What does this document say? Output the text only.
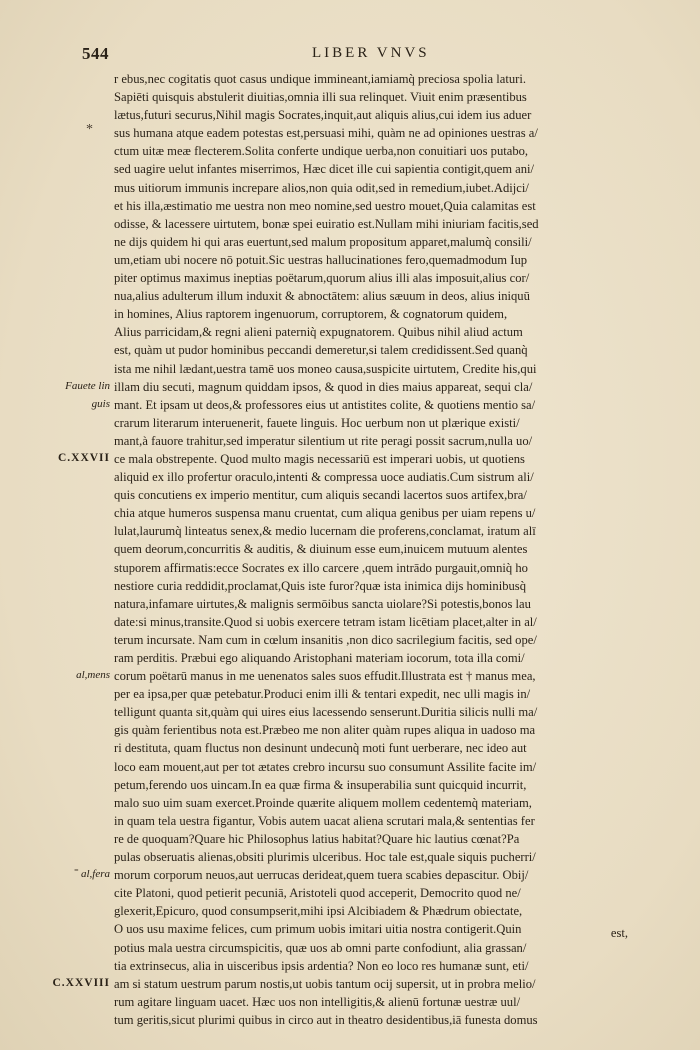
544	LIBER VNVS
Fauete lin
guis
C.XXVII
al,mens
al,fera
C.XXVIII
r ebus,nec cogitatis quot casus undique immineant,iamiamq̀ preciosa spolia laturi.
Sapiēti quisquis abstulerit diuitias,omnia illi sua relinquet. Viuit enim præsentibus
lætus,futuri securus,Nihil magis Socrates,inquit,aut aliquis alius,cui idem ius aduer
sus humana atque eadem potestas est,persuasi mihi, quàm ne ad opiniones uestras a/
ctum uitæ meæ flecterem.Solita conferte undique uerba,non conuitiari uos putabo,
sed uagire uelut infantes miserrimos, Hæc dicet ille cui sapientia contigit,quem ani/
mus uitiorum immunis increpare alios,non quia odit,sed in remedium,iubet.Adijci/
et his illa,æstimatio me uestra non meo nomine,sed uestro mouet,Quia calamitas est
odisse, & lacessere uirtutem, bonæ spei euiratio est.Nullam mihi iniuriam facitis,sed
ne dijs quidem hi qui aras euertunt,sed malum propositum apparet,malumq̀ consili/
um,etiam ubi nocere nō potuit.Sic uestras hallucinationes fero,quemadmodum Iup
piter optimus maximus ineptias poëtarum,quorum alius illi alas imposuit,alius cor/
nua,alius adulterum illum induxit & abnoctātem: alius sæuum in deos, alius iniquū
in homines, Alius raptorem ingenuorum, corruptorem, & cognatorum quidem,
Alius parricidam,& regni alieni paterniq̀ expugnatorem. Quibus nihil aliud actum
est, quàm ut pudor hominibus peccandi demeretur,si talem credidissent.Sed quanq̀
ista me nihil lædant,uestra tamē uos moneo causa,suspicite uirtutem, Credite his,qui
illam diu secuti, magnum quiddam ipsos, & quod in dies maius appareat, sequi cla/
mant. Et ipsam ut deos,& professores eius ut antistites colite, & quotiens mentio sa/
crarum literarum interuenerit, fauete linguis. Hoc uerbum non ut plærique existi/
mant,à fauore trahitur,sed imperatur silentium ut rite peragi possit sacrum,nulla uo/
ce mala obstrepente. Quod multo magis necessariū est imperari uobis, ut quotiens
aliquid ex illo profertur oraculo,intenti & compressa uoce audiatis.Cum sistrum ali/
quis concutiens ex imperio mentitur, cum aliquis secandi lacertos suos artifex,bra/
chia atque humeros suspensa manu cruentat, cum aliqua genibus per uiam repens u/
lulat,laurumq̀ linteatus senex,& medio lucernam die proferens,conclamat, iratum alī
quem deorum,concurritis & auditis, & diuinum esse eum,inuicem mutuum alentes
stuporem affirmatis:ecce Socrates ex illo carcere ,quem intrādo purgauit,omniq̀ ho
nestiore curia reddidit,proclamat,Quis iste furor?quæ ista inimica dijs hominibusq̀
natura,infamare uirtutes,& malignis sermōibus sancta uiolare?Si potestis,bonos lau
date:si minus,transite.Quod si uobis exercere tetram istam licētiam placet,alter in al/
terum incursate. Nam cum in cœlum insanitis ,non dico sacrilegium facitis, sed ope/
ram perditis. Præbui ego aliquando Aristophani materiam iocorum, tota illa comi/
corum poëtarū manus in me uenenatos sales suos effudit.Illustrata est † manus mea,
per ea ipsa,per quæ petebatur.Produci enim illi & tentari expedit, nec ulli magis in/
telligunt quanta sit,quàm qui uires eius lacessendo senserunt.Duritia silicis nulli ma/
gis quàm ferientibus nota est.Præbeo me non aliter quàm rupes aliqua in uadoso ma
ri destituta, quam fluctus non desinunt undecunq̀ moti funt uerberare, nec ideo aut
loco eam mouent,aut per tot ætates crebro incursu suo consumunt Assilite facite im/
petum,ferendo uos uincam.In ea quæ firma & insuperabilia sunt quicquid incurrit,
malo suo uim suam exercet.Proinde quærite aliquem mollem cedentemq̀ materiam,
in quam tela uestra figantur, Vobis autem uacat aliena scrutari mala,& sententias fer
re de quoquam?Quare hic Philosophus latius habitat?Quare hic lautius cœnat?Pa
pulas obseruatis alienas,obsiti plurimis ulceribus. Hoc tale est,quale siquis pucherri/
morum corporum neuos,aut uerrucas derideat,quem tuera scabies depascitur. Obij/
cite Platoni, quod petierit pecuniā, Aristoteli quod acceperit, Democrito quod ne/
glexerit,Epicuro, quod consumpserit,mihi ipsi Alcibiadem & Phædrum obiectate,
O uos usu maxime felices, cum primum uobis imitari uitia nostra contigerit.Quin
potius mala uestra circumspicitis, quæ uos ab omni parte confodiunt, alia grassan/
tia extrinsecus, alia in uisceribus ipsis ardentia? Non eo loco res humanæ sunt, eti/
am si statum uestrum parum nostis,ut uobis tantum ocij supersit, ut in probra melio/
rum agitare linguam uacet. Hæc uos non intelligitis,& alienū fortunæ uestræ uul/
tum geritis,sicut plurimi quibus in circo aut in theatro desidentibus,iā funesta domus
est,
*
-
